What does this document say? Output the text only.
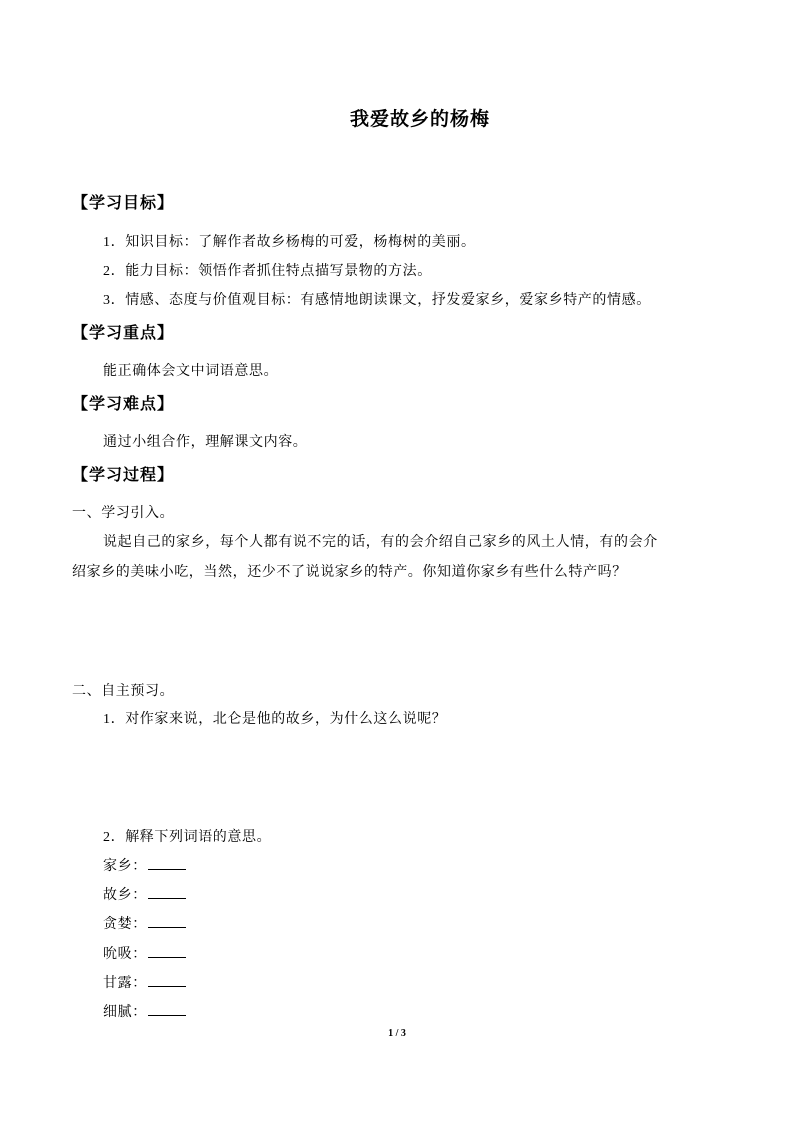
我爱故乡的杨梅
【学习目标】
1．知识目标：了解作者故乡杨梅的可爱，杨梅树的美丽。
2．能力目标：领悟作者抓住特点描写景物的方法。
3．情感、态度与价值观目标：有感情地朗读课文，抒发爱家乡，爱家乡特产的情感。
【学习重点】
能正确体会文中词语意思。
【学习难点】
通过小组合作，理解课文内容。
【学习过程】
一、学习引入。
说起自己的家乡，每个人都有说不完的话，有的会介绍自己家乡的风土人情，有的会介
绍家乡的美味小吃，当然，还少不了说说家乡的特产。你知道你家乡有些什么特产吗？
二、自主预习。
1．对作家来说，北仑是他的故乡，为什么这么说呢？
2．解释下列词语的意思。
家乡：
故乡：
贪婪：
吮吸：
甘露：
细腻：
1 / 3
